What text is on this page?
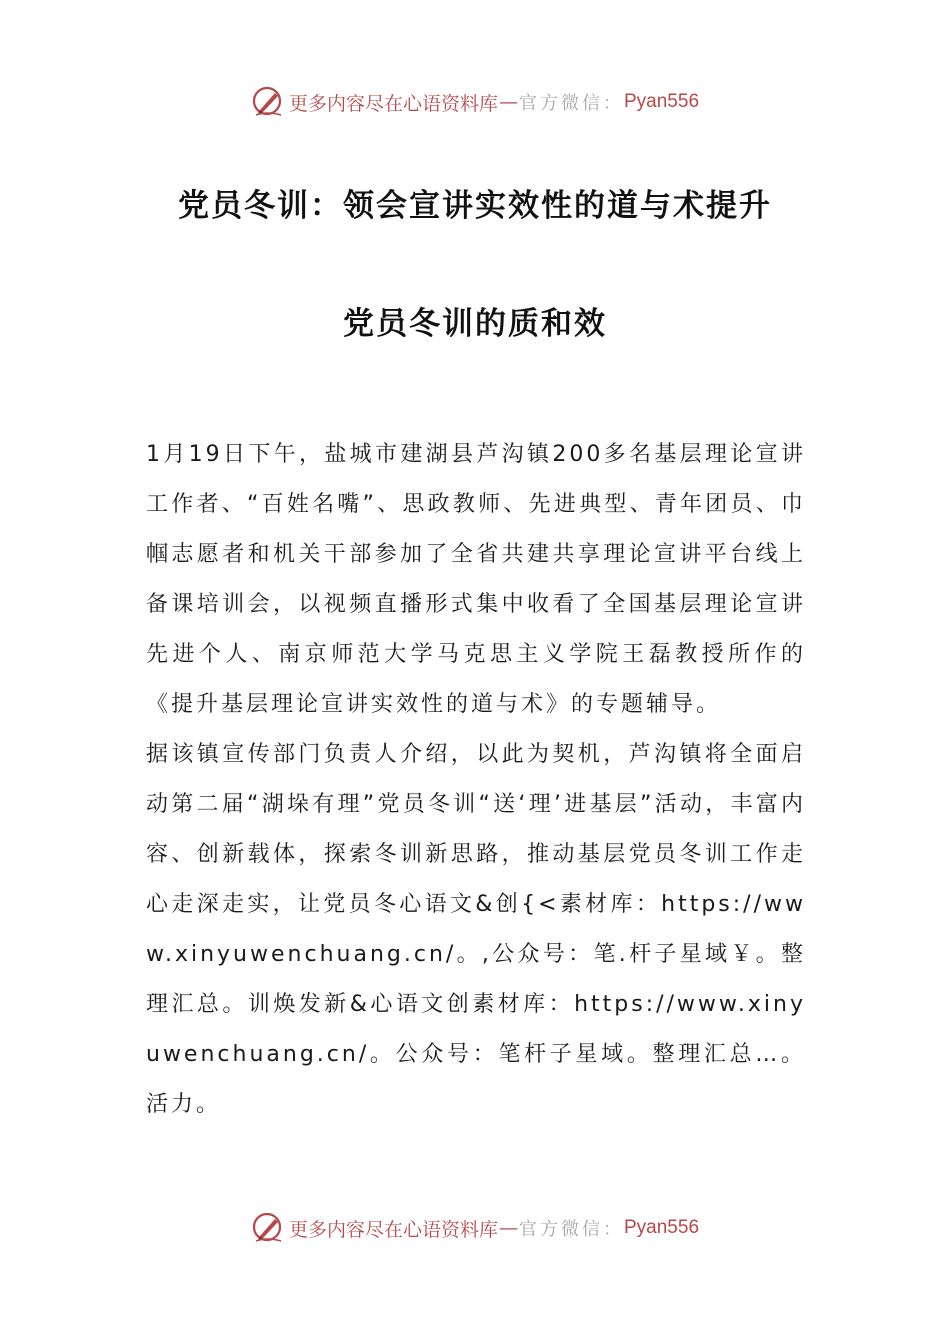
更多内容尽在心语资料库 — 官方微信： Pyan556
党员冬训：领会宣讲实效性的道与术提升
党员冬训的质和效

1月19日下午，盐城市建湖县芦沟镇200多名基层理论宣讲工作者、“百姓名嘴”、思政教师、先进典型、青年团员、巾帼志愿者和机关干部参加了全省共建共享理论宣讲平台线上备课培训会，以视频直播形式集中收看了全国基层理论宣讲先进个人、南京师范大学马克思主义学院王磊教授所作的《提升基层理论宣讲实效性的道与术》的专题辅导。

据该镇宣传部门负责人介绍，以此为契机，芦沟镇将全面启动第二届“湖垛有理”党员冬训“送‘理’进基层”活动，丰富内容、创新载体，探索冬训新思路，推动基层党员冬训工作走心走深走实，让党员冬心语文&创{<素材库：https://www.xinyuwenchuang.cn/。,公众号：笔.杆子星域￥。整理汇总。训焕发新&心语文创素材库：https://www.xinyuwenchuang.cn/。公众号：笔杆子星域。整理汇总…。活力。

更多内容尽在心语资料库 — 官方微信： Pyan556
